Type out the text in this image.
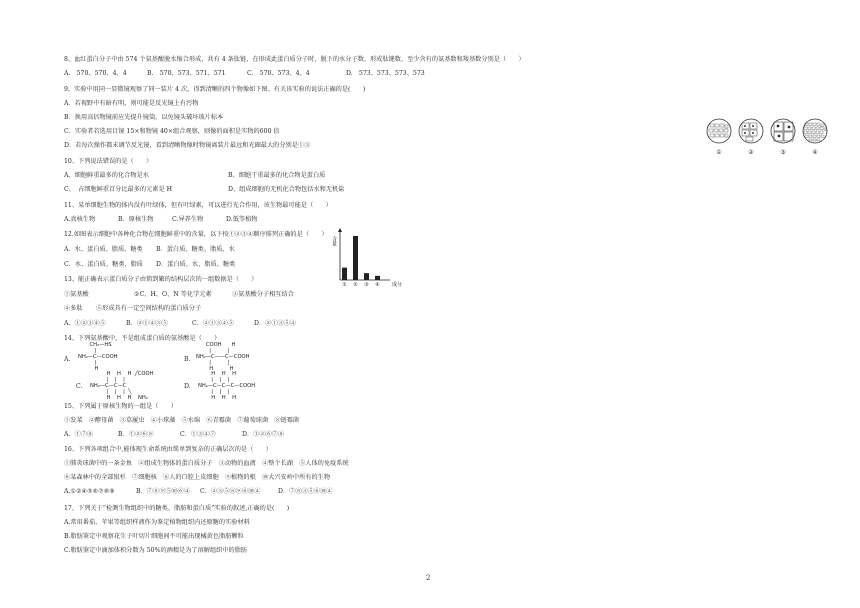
8、血红蛋白分子中由 574 个氨基酸脱水缩合形成，共有 4 条肽链，在形成此蛋白质分子时，脱下的水分子数、形成肽键数、至少含有的氨基数和羧基数分别是（　　）
A.　570、570、4、4	B.　570、573、571、571	C.　570、573、4、4	D.　573、573、573、573
9、实验中用同一显微镜观察了同一装片 4 次，得到清晰的四个物像如下图。有关该实验的说法正确的是(　　)
A．若视野中有暗有明，则可能是反光镜上有污物
B．换用高倍物镜前应先提升镜筒，以免镜头破坏玻片标本
C．实验者若选用目镜 15×和物镜 40×组合观察，则像的面积是实物的600 倍
D．若每次操作都未调节反光镜，看到清晰物像时物镜离装片最远和光圈最大的分别是①③
①	②	③	④
10、下列说法错误的是（　　）
A、细胞鲜重最多的化合物是水	B、细胞干重最多的化合物是蛋白质
C、　占细胞鲜重百分比最多的元素是 H	D、组成细胞的无机化合物包括水和无机盐
11、某单细胞生物的体内没有叶绿体，但有叶绿素，可以进行光合作用，该生物最可能是（　　）
A.真核生物	B．原核生物	C.异养生物	D.低等植物
12.如图表示细胞中各种化合物在细胞鲜重中的含量，以下按①②③④顺序排列正确的是（　　）
A．水、蛋白质、脂质、糖类 B．蛋白质、糖类、脂质、水
C．水、蛋白质、糖类、脂质 D．蛋白质、水、脂质、糖类
含量
成分
① ② ③ ④
13、能正确表示蛋白质分子由简到繁的结构层次的一组数据是（　　）
①氨基酸	②C、H、O、N 等化学元素	③氨基酸分子相互结合
④多肽 ⑤形成具有一定空间结构的蛋白质分子
A．①②③④⑤	B．②①④③⑤	C．②①③④⑤	D．②①③⑤④
14、下列氨基酸中，不是组成蛋白质的氨基酸是（　　）
A.
CH₂—HS
|
NH₂—C—COOH
|
H
B.
COOH      H
|          |
NH₂—C——C—COOH
|          |
H          H
C.
H    H    H  ╱COOH
|    |    |
NH₂—C—C—C
|    |    |  ╲
H    H    H    NH₂
D.
H    H    H
|    |    |
NH₂—C—C—C—COOH
|    |    |
H    H    H
15、下列属于原核生物的一组是（　　）
①发菜　②酵母菌　③草履虫　④小球藻　⑤水绵　⑥青霉菌　⑦葡萄球菌　⑧链霉菌
A．①⑦⑧	B．①②⑥⑧	C．①③④⑦	D．①②⑥⑦⑧
16、下列各项组合中,能体现生命系统由简单到复杂的正确层次的是（　　）
①肺炎球菌中的一条金鱼　②组成生物体的蛋白质分子　③动物的血液　④整个长湖　⑤人体的免疫系统
⑥某森林中的全部银杉　⑦细胞核　⑧人的口腔上皮细胞　⑨植物的根　⑩大兴安岭中所有的生物
A.①②④⑤⑥⑦⑧⑨	B．⑦⑧⑨⑤⑩⑥④ C．②③⑤⑧⑨⑥⑩④	D．⑦⑧③⑤⑥⑩④
17、下列关于“检测生物组织中的糖类、脂肪和蛋白质”实验的叙述,正确的是(　　)
A.常用番茄、苹果等组织样液作为鉴定植物组织内还原糖的实验材料
B.脂肪鉴定中观察花生子叶切片细胞间不可能出现橘黄色脂肪颗粒
C.脂肪鉴定中滴加体积分数为 50%的酒精是为了溶解组织中的脂肪
2
